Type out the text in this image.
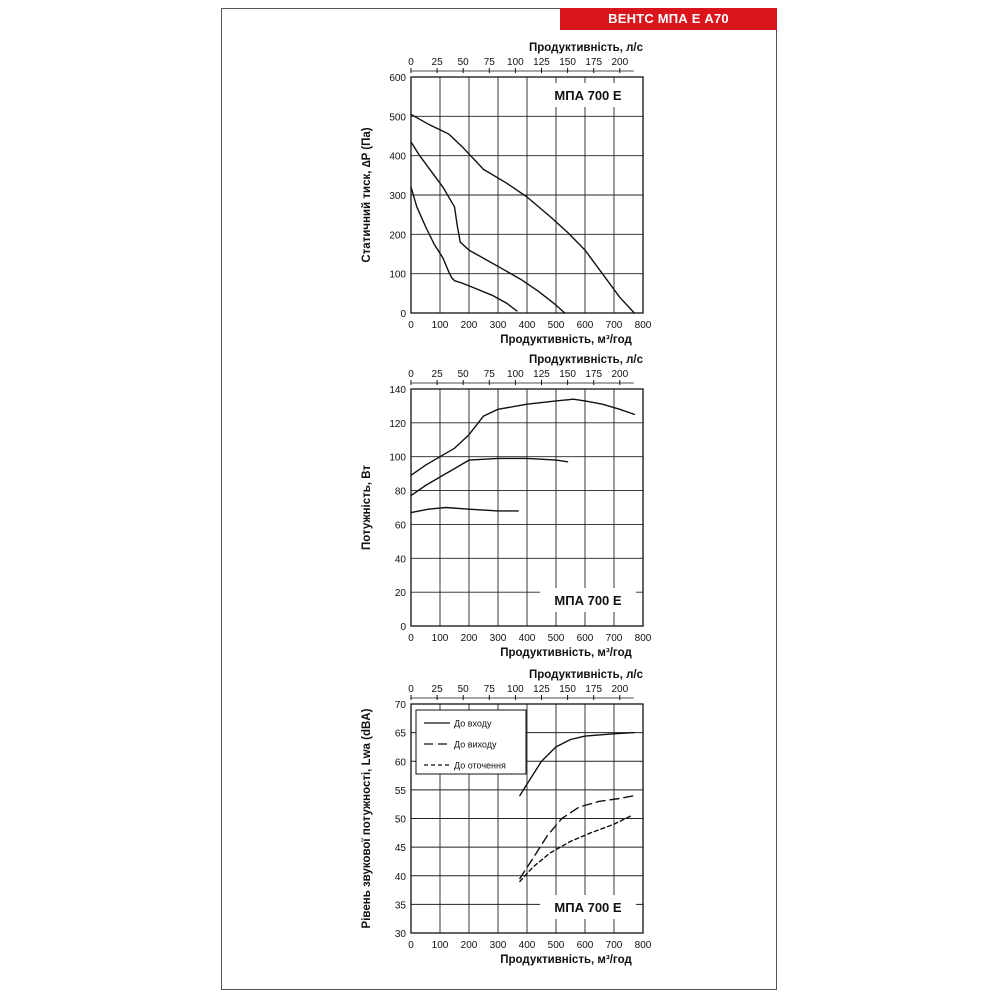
ВЕНТС МПА Е А70
0 100 200 300 400 500 600 700 800
0 25 50 75 100 125 150 175 200
0
100
200
300
400
500
600
Продуктивність, л/с
Продуктивність, м³/год
Статичний тиск, ∆P (Па)
МПА 700 Е
0 100 200 300 400 500 600 700 800
0 25 50 75 100 125 150 175 200
0
20
40
60
80
100
120
140
Продуктивність, л/с
Продуктивність, м³/год
Потужність, Вт
МПА 700 Е
0 100 200 300 400 500 600 700 800
0 25 50 75 100 125 150 175 200
30
35
40
45
50
55
60
65
70
Продуктивність, л/с
Продуктивність, м³/год
Рівень звукової потужності, Lwa (dBA)	МПА 700 Е
До входу
До виходу
До оточення
